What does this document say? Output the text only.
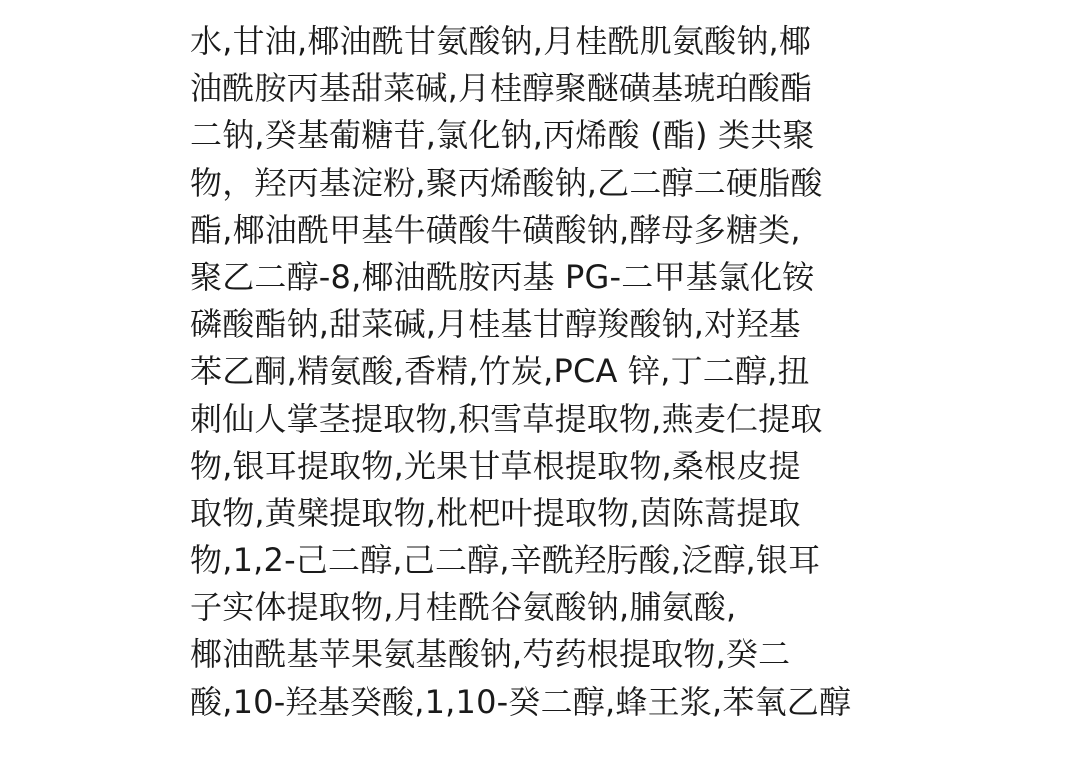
水,甘油,椰油酰甘氨酸钠,月桂酰肌氨酸钠,椰
油酰胺丙基甜菜碱,月桂醇聚醚磺基琥珀酸酯
二钠,癸基葡糖苷,氯化钠,丙烯酸 (酯) 类共聚
物，羟丙基淀粉,聚丙烯酸钠,乙二醇二硬脂酸
酯,椰油酰甲基牛磺酸牛磺酸钠,酵母多糖类,
聚乙二醇-8,椰油酰胺丙基 PG-二甲基氯化铵
磷酸酯钠,甜菜碱,月桂基甘醇羧酸钠,对羟基
苯乙酮,精氨酸,香精,竹炭,PCA 锌,丁二醇,扭
刺仙人掌茎提取物,积雪草提取物,燕麦仁提取
物,银耳提取物,光果甘草根提取物,桑根皮提
取物,黄檗提取物,枇杷叶提取物,茵陈蒿提取
物,1,2-己二醇,己二醇,辛酰羟肟酸,泛醇,银耳
子实体提取物,月桂酰谷氨酸钠,脯氨酸,
椰油酰基苹果氨基酸钠,芍药根提取物,癸二
酸,10-羟基癸酸,1,10-癸二醇,蜂王浆,苯氧乙醇
